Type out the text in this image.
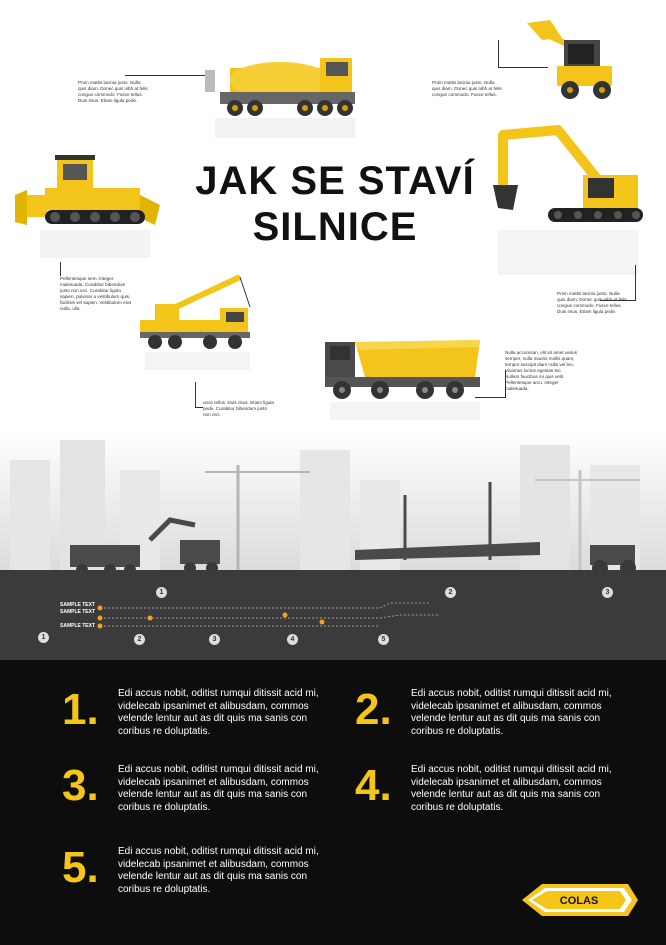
JAK SE STAVÍ
SILNICE
Proin mattis lacinia justo. Nulla quis diam. Donec quis nibh at felis congue commodo. Fusce tellus. Duis risus. Etiam ligula pede.
Proin mattis lacinia justo. Nulla quis diam. Donec quis nibh at felis congue commodo. Fusce tellus.
Pellentesque sem. Integer malesuada. Curabitur bibendum justo non orci. Curabitur ligula sapien, pulvinar a vestibulum quis, facilisis vel sapien. Vestibulum erat nulla, ulla.
Proin mattis lacinia justo. Nulla quis diam. Donec quis nibh at felis congue commodo. Fusce tellus. Duis risus. Etiam ligula pede.
unce tellus. Duis risus. Etiam ligula pede. Curabitur bibendum justo non orci.
Nulla accumsan, elit sit amet varius semper, nulla mauris mollis quam, tempor suscipit diam nulla vel leo. Vivamus luctus egestas leo. Nullam faucibus mi quis velit. Pellentesque arcu. Integer malesuada.
SAMPLE TEXT
SAMPLE TEXT
SAMPLE TEXT
1	2	3
1	2	3	4	5
1.	Edi accus nobit, oditist rumqui ditissit acid mi, videlecab ipsanimet et alibusdam, commos velende lentur aut as dit quis ma sanis con coribus re doluptatis.	2.	Edi accus nobit, oditist rumqui ditissit acid mi, videlecab ipsanimet et alibusdam, commos velende lentur aut as dit quis ma sanis con coribus re doluptatis.
3.	Edi accus nobit, oditist rumqui ditissit acid mi, videlecab ipsanimet et alibusdam, commos velende lentur aut as dit quis ma sanis con coribus re doluptatis.	4.	Edi accus nobit, oditist rumqui ditissit acid mi, videlecab ipsanimet et alibusdam, commos velende lentur aut as dit quis ma sanis con coribus re doluptatis.
5.	Edi accus nobit, oditist rumqui ditissit acid mi, videlecab ipsanimet et alibusdam, commos velende lentur aut as dit quis ma sanis con coribus re doluptatis.
COLAS
